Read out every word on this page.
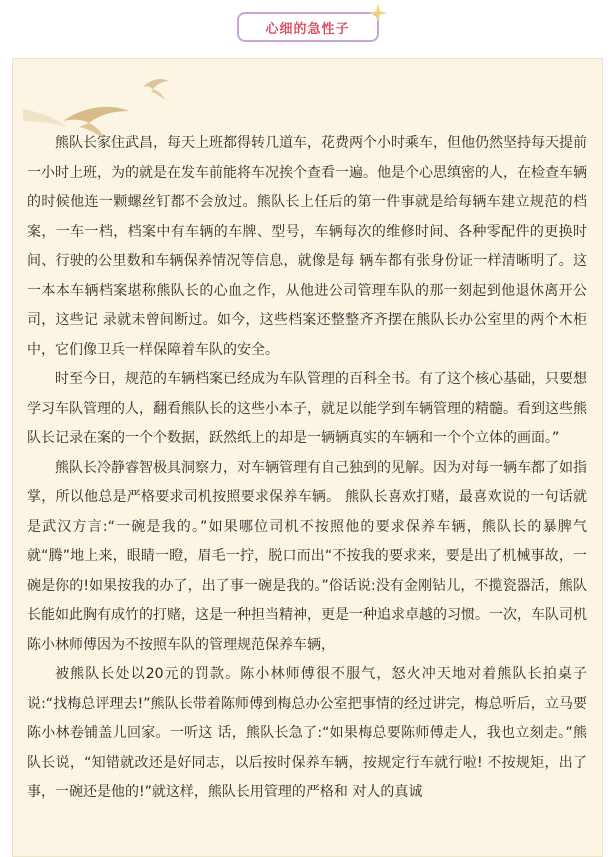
心细的急性子

熊队长家住武昌，每天上班都得转几道车，花费两个小时乘车，但他仍然坚持每天提前一小时上班，为的就是在发车前能将车况挨个查看一遍。他是个心思缜密的人，在检查车辆的时候他连一颗螺丝钉都不会放过。熊队长上任后的第一件事就是给每辆车建立规范的档案，一车一档，档案中有车辆的车牌、型号，车辆每次的维修时间、各种零配件的更换时间、行驶的公里数和车辆保养情况等信息，就像是每 辆车都有张身份证一样清晰明了。这一本本车辆档案堪称熊队长的心血之作，从他进公司管理车队的那一刻起到他退休离开公司，这些记 录就未曾间断过。如今，这些档案还整整齐齐摆在熊队长办公室里的两个木柜中，它们像卫兵一样保障着车队的安全。

时至今日，规范的车辆档案已经成为车队管理的百科全书。有了这个核心基础，只要想学习车队管理的人，翻看熊队长的这些小本子，就足以能学到车辆管理的精髓。看到这些熊队长记录在案的一个个数据，跃然纸上的却是一辆辆真实的车辆和一个个立体的画面。”

熊队长冷静睿智极具洞察力，对车辆管理有自己独到的见解。因为对每一辆车都了如指掌，所以他总是严格要求司机按照要求保养车辆。 熊队长喜欢打赌，最喜欢说的一句话就是武汉方言:“一碗是我的。”如果哪位司机不按照他的要求保养车辆，熊队长的暴脾气就“腾”地上来，眼睛一瞪，眉毛一拧，脱口而出“不按我的要求来，要是出了机械事故，一碗是你的!如果按我的办了，出了事一碗是我的。”俗话说:没有金刚钻儿，不揽瓷器活，熊队长能如此胸有成竹的打赌，这是一种担当精神，更是一种追求卓越的习惯。一次，车队司机陈小林师傅因为不按照车队的管理规范保养车辆，

被熊队长处以20元的罚款。陈小林师傅很不服气，怒火冲天地对着熊队长拍桌子说:“找梅总评理去!”熊队长带着陈师傅到梅总办公室把事情的经过讲完，梅总听后，立马要陈小林卷铺盖儿回家。一听这 话，熊队长急了:“如果梅总要陈师傅走人，我也立刻走。”熊队长说，“知错就改还是好同志，以后按时保养车辆，按规定行车就行啦! 不按规矩，出了事，一碗还是他的!”就这样，熊队长用管理的严格和 对人的真诚
